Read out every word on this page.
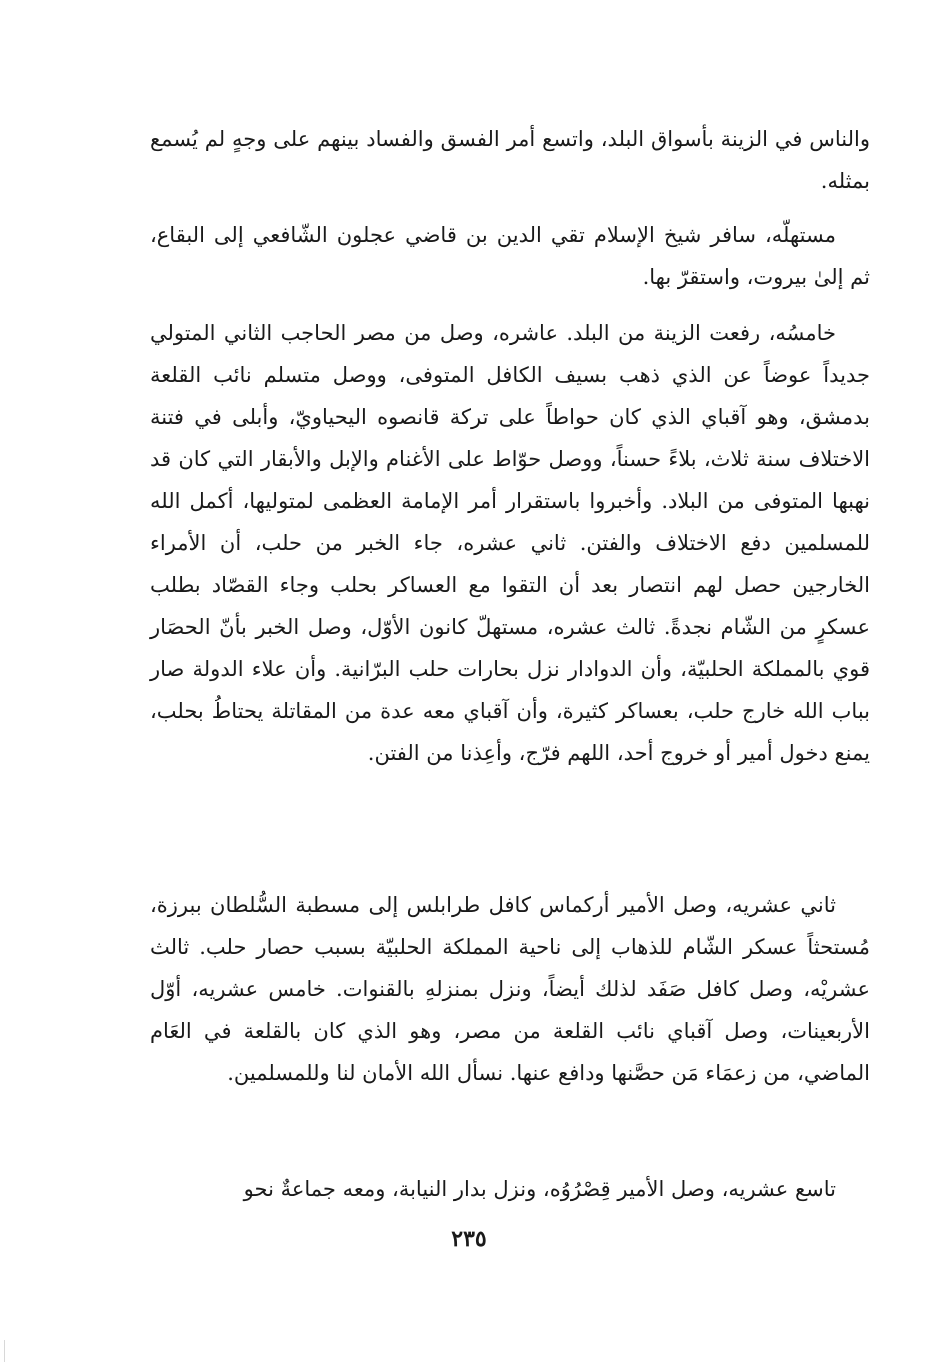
والناس في الزينة بأسواق البلد، واتسع أمر الفسق والفساد بينهم على وجهٍ لم يُسمع بمثله.

مستهلّه، سافر شيخ الإسلام تقي الدين بن قاضي عجلون الشّافعي إلى البقاع، ثم إلىٰ بيروت، واستقرّ بها.

خامسُه، رفعت الزينة من البلد. عاشره، وصل من مصر الحاجب الثاني المتولي جديداً عوضاً عن الذي ذهب بسيف الكافل المتوفى، ووصل متسلم نائب القلعة بدمشق، وهو آقباي الذي كان حواطاً على تركة قانصوه اليحياويّ، وأبلى في فتنة الاختلاف سنة ثلاث، بلاءً حسناً، ووصل حوّاط على الأغنام والإبل والأبقار التي كان قد نهبها المتوفى من البلاد. وأخبروا باستقرار أمر الإمامة العظمى لمتوليها، أكمل الله للمسلمين دفع الاختلاف والفتن. ثاني عشره، جاء الخبر من حلب، أن الأمراء الخارجين حصل لهم انتصار بعد أن التقوا مع العساكر بحلب وجاء القصّاد بطلب عسكرٍ من الشّام نجدةً. ثالث عشره، مستهلّ كانون الأوّل، وصل الخبر بأنّ الحصَار قوي بالمملكة الحلبيّة، وأن الدوادار نزل بحارات حلب البرّانية. وأن علاء الدولة صار بباب الله خارج حلب، بعساكر كثيرة، وأن آقباي معه عدة من المقاتلة يحتاطُ بحلب، يمنع دخول أمير أو خروج أحد، اللهم فرّج، وأعِذنا من الفتن.

ثاني عشريه، وصل الأمير أركماس كافل طرابلس إلى مسطبة السُّلطان ببرزة، مُستحثاً عسكر الشّام للذهاب إلى ناحية المملكة الحلبيّة بسبب حصار حلب. ثالث عشريْه، وصل كافل صَفَد لذلك أيضاً، ونزل بمنزلهِ بالقنوات. خامس عشريه، أوّل الأربعينات، وصل آقباي نائب القلعة من مصر، وهو الذي كان بالقلعة في العَام الماضي، من زعمَاء مَن حصَّنها ودافع عنها. نسأل الله الأمان لنا وللمسلمين.

تاسع عشريه، وصل الأمير قِصْرُوُه، ونزل بدار النيابة، ومعه جماعةٌ نحو

٢٣٥
